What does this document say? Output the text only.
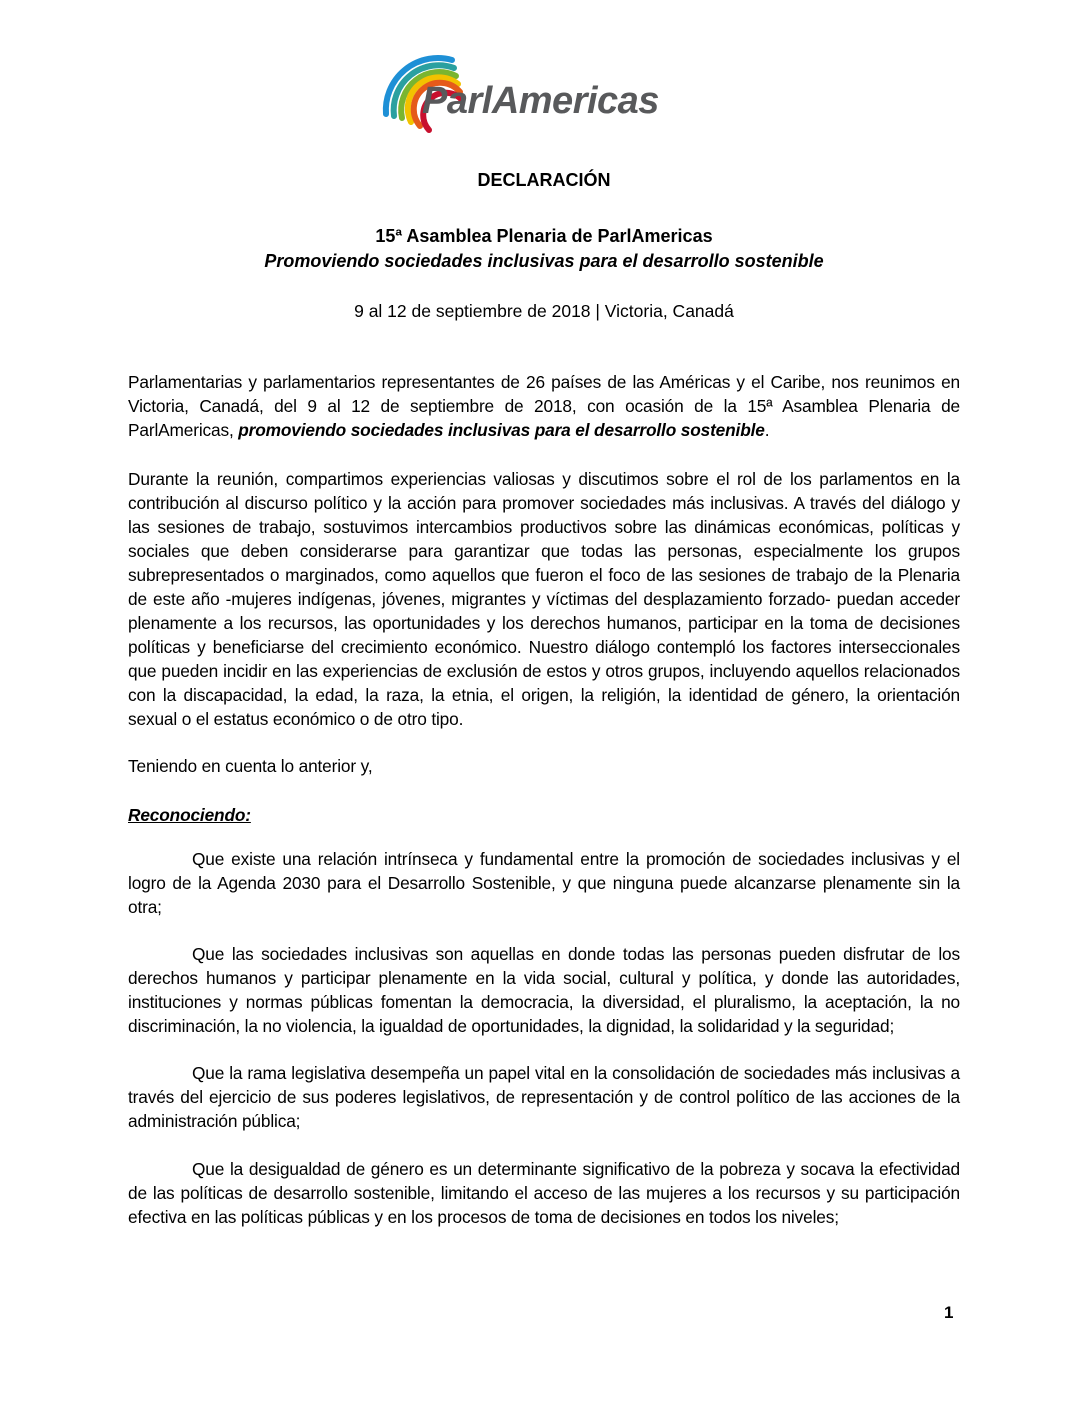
ParlAmericas
DECLARACIÓN
15ª Asamblea Plenaria de ParlAmericas
Promoviendo sociedades inclusivas para el desarrollo sostenible
9 al 12 de septiembre de 2018 | Victoria, Canadá
Parlamentarias y parlamentarios representantes de 26 países de las Américas y el Caribe, nos reunimos en Victoria, Canadá, del 9 al 12 de septiembre de 2018, con ocasión de la 15ª Asamblea Plenaria de ParlAmericas, promoviendo sociedades inclusivas para el desarrollo sostenible.
Durante la reunión, compartimos experiencias valiosas y discutimos sobre el rol de los parlamentos en la contribución al discurso político y la acción para promover sociedades más inclusivas. A través del diálogo y las sesiones de trabajo, sostuvimos intercambios productivos sobre las dinámicas económicas, políticas y sociales que deben considerarse para garantizar que todas las personas, especialmente los grupos subrepresentados o marginados, como aquellos que fueron el foco de las sesiones de trabajo de la Plenaria de este año -mujeres indígenas, jóvenes, migrantes y víctimas del desplazamiento forzado- puedan acceder plenamente a los recursos, las oportunidades y los derechos humanos, participar en la toma de decisiones políticas y beneficiarse del crecimiento económico. Nuestro diálogo contempló los factores interseccionales que pueden incidir en las experiencias de exclusión de estos y otros grupos, incluyendo aquellos relacionados con la discapacidad, la edad, la raza, la etnia, el origen, la religión, la identidad de género, la orientación sexual o el estatus económico o de otro tipo.
Teniendo en cuenta lo anterior y,
Reconociendo:
Que existe una relación intrínseca y fundamental entre la promoción de sociedades inclusivas y el logro de la Agenda 2030 para el Desarrollo Sostenible, y que ninguna puede alcanzarse plenamente sin la otra;
Que las sociedades inclusivas son aquellas en donde todas las personas pueden disfrutar de los derechos humanos y participar plenamente en la vida social, cultural y política, y donde las autoridades, instituciones y normas públicas fomentan la democracia, la diversidad, el pluralismo, la aceptación, la no discriminación, la no violencia, la igualdad de oportunidades, la dignidad, la solidaridad y la seguridad;
Que la rama legislativa desempeña un papel vital en la consolidación de sociedades más inclusivas a través del ejercicio de sus poderes legislativos, de representación y de control político de las acciones de la administración pública;
Que la desigualdad de género es un determinante significativo de la pobreza y socava la efectividad de las políticas de desarrollo sostenible, limitando el acceso de las mujeres a los recursos y su participación efectiva en las políticas públicas y en los procesos de toma de decisiones en todos los niveles;
1
